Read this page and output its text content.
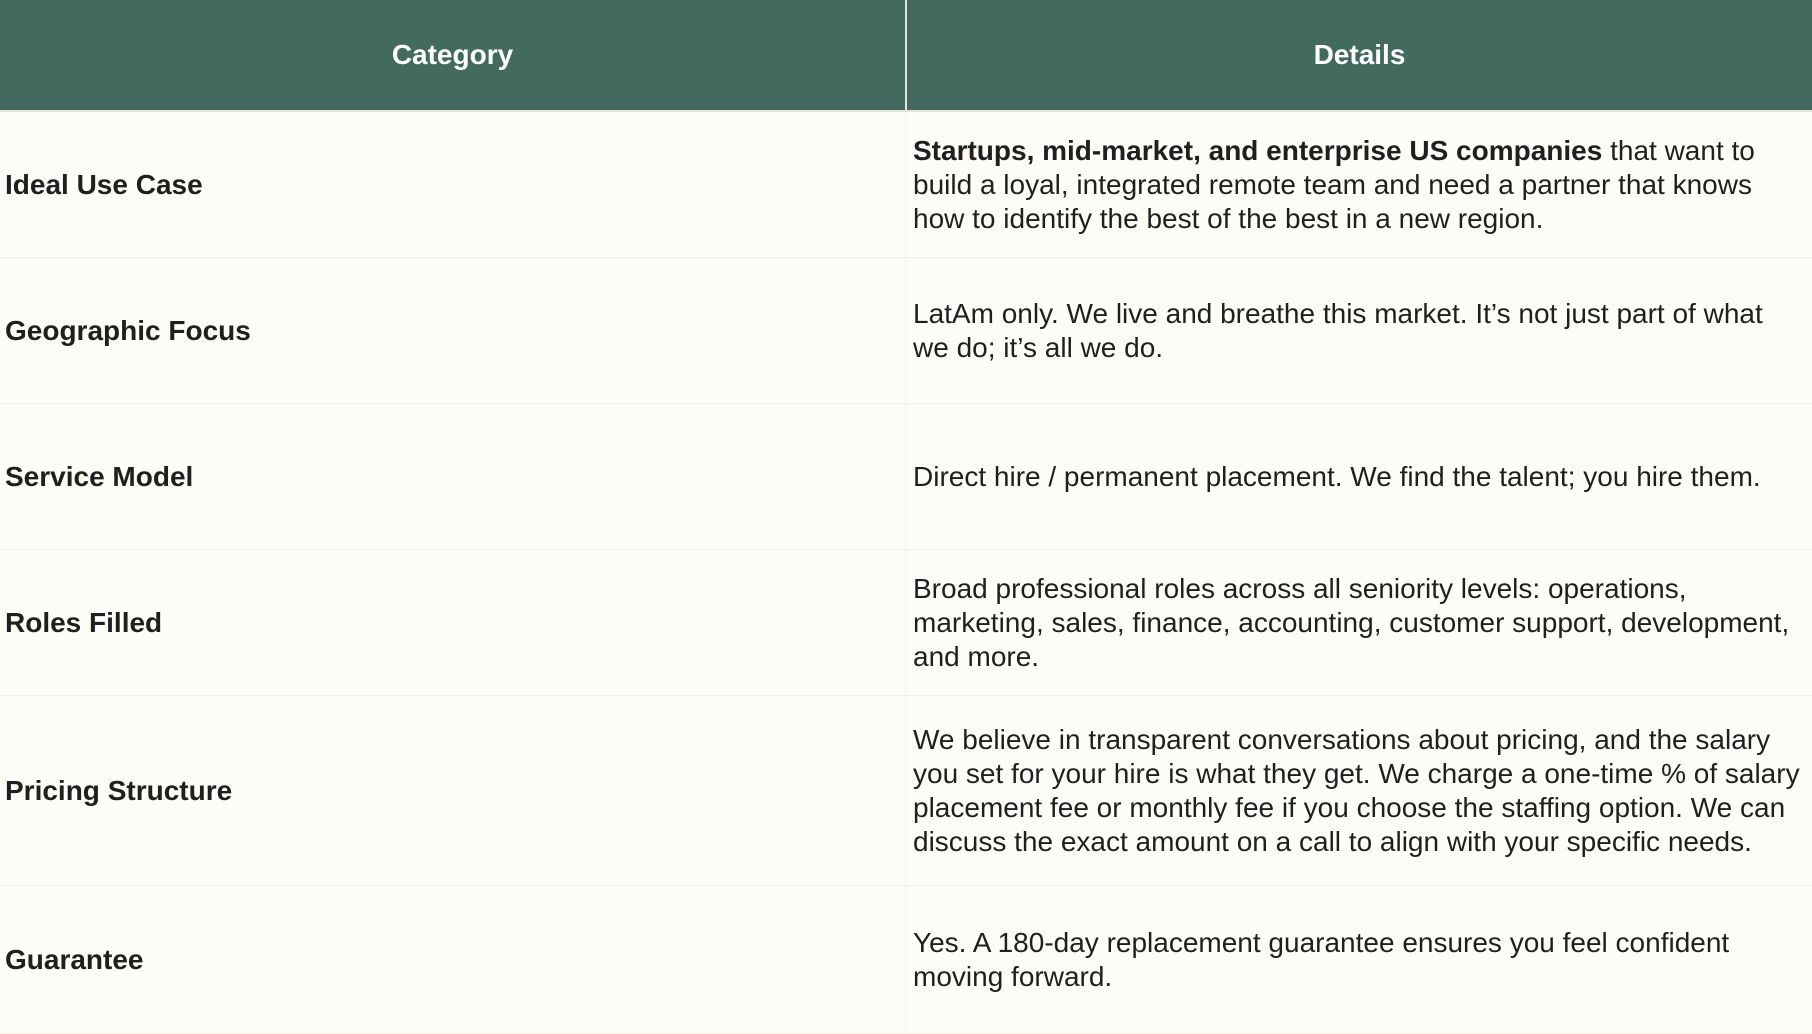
Category	Details
Ideal Use Case
Startups, mid-market, and enterprise US companies that want to build a loyal, integrated remote team and need a partner that knows how to identify the best of the best in a new region.
Geographic Focus
LatAm only. We live and breathe this market. It’s not just part of what we do; it’s all we do.
Service Model	Direct hire / permanent placement. We find the talent; you hire them.
Roles Filled
Broad professional roles across all seniority levels: operations, marketing, sales, finance, accounting, customer support, development, and more.
Pricing Structure
We believe in transparent conversations about pricing, and the salary you set for your hire is what they get. We charge a one-time % of salary placement fee or monthly fee if you choose the staffing option. We can discuss the exact amount on a call to align with your specific needs.
Guarantee
Yes. A 180-day replacement guarantee ensures you feel confident moving forward.
